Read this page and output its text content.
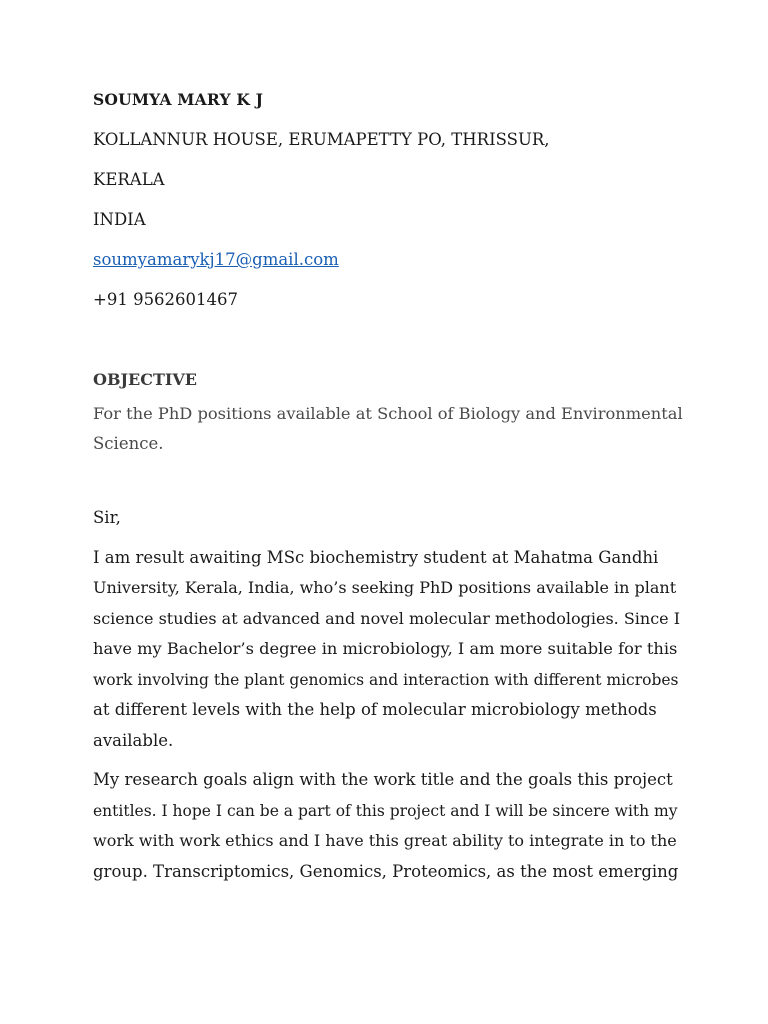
SOUMYA MARY K J
KOLLANNUR HOUSE, ERUMAPETTY PO, THRISSUR,
KERALA
INDIA
soumyamarykj17@gmail.com
+91 9562601467
OBJECTIVE
For the PhD positions available at School of Biology and Environmental
Science.
Sir,
I am result awaiting MSc biochemistry student at Mahatma Gandhi
University, Kerala, India, who’s seeking PhD positions available in plant
science studies at advanced and novel molecular methodologies. Since I
have my Bachelor’s degree in microbiology, I am more suitable for this
work involving the plant genomics and interaction with different microbes
at different levels with the help of molecular microbiology methods
available.
My research goals align with the work title and the goals this project
entitles. I hope I can be a part of this project and I will be sincere with my
work with work ethics and I have this great ability to integrate in to the
group. Transcriptomics, Genomics, Proteomics, as the most emerging
